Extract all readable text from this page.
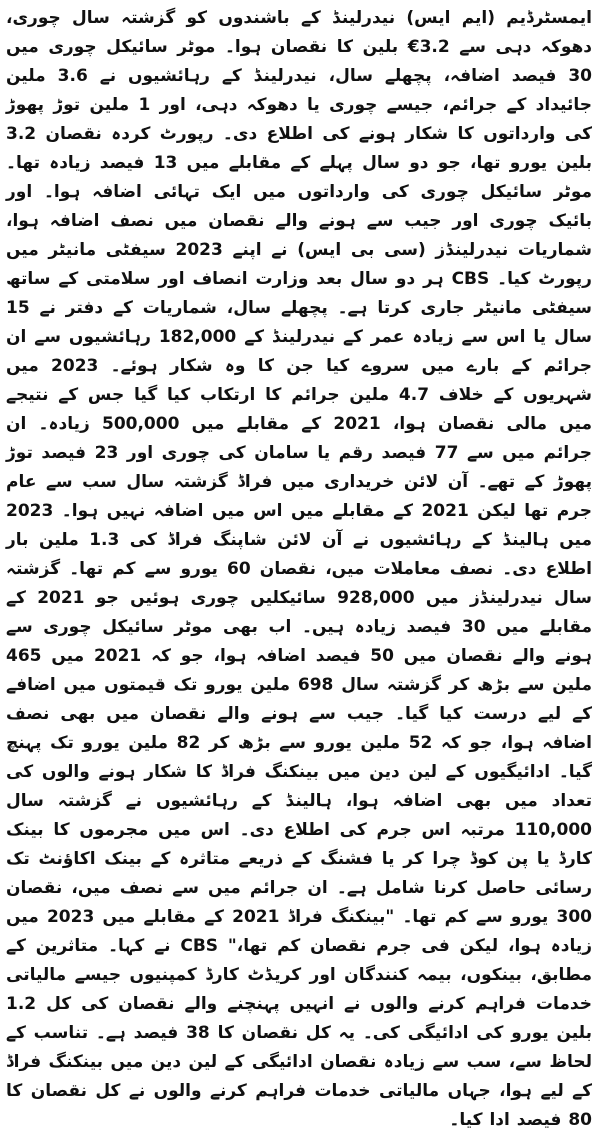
ایمسٹرڈیم (ایم ایس) نیدرلینڈ کے باشندوں کو گزشتہ سال چوری، دھوکہ دہی سے 3.2€ بلین کا نقصان ہوا۔ موٹر سائیکل چوری میں 30 فیصد اضافہ، پچھلے سال، نیدرلینڈ کے رہائشیوں نے 3.6 ملین جائیداد کے جرائم، جیسے چوری یا دھوکہ دہی، اور 1 ملین توڑ پھوڑ کی وارداتوں کا شکار ہونے کی اطلاع دی۔ رپورٹ کردہ نقصان 3.2 بلین یورو تھا، جو دو سال پہلے کے مقابلے میں 13 فیصد زیادہ تھا۔ موٹر سائیکل چوری کی وارداتوں میں ایک تہائی اضافہ ہوا۔ اور بائیک چوری اور جیب سے ہونے والے نقصان میں نصف اضافہ ہوا، شماریات نیدرلینڈز (سی بی ایس) نے اپنے 2023 سیفٹی مانیٹر میں رپورٹ کیا۔ CBS ہر دو سال بعد وزارت انصاف اور سلامتی کے ساتھ سیفٹی مانیٹر جاری کرتا ہے۔ پچھلے سال، شماریات کے دفتر نے 15 سال یا اس سے زیادہ عمر کے نیدرلینڈ کے 182,000 رہائشیوں سے ان جرائم کے بارے میں سروے کیا جن کا وہ شکار ہوئے۔ 2023 میں شہریوں کے خلاف 4.7 ملین جرائم کا ارتکاب کیا گیا جس کے نتیجے میں مالی نقصان ہوا، 2021 کے مقابلے میں 500,000 زیادہ۔ ان جرائم میں سے 77 فیصد رقم یا سامان کی چوری اور 23 فیصد توڑ پھوڑ کے تھے۔ آن لائن خریداری میں فراڈ گزشتہ سال سب سے عام جرم تھا لیکن 2021 کے مقابلے میں اس میں اضافہ نہیں ہوا۔ 2023 میں ہالینڈ کے رہائشیوں نے آن لائن شاپنگ فراڈ کی 1.3 ملین بار اطلاع دی۔ نصف معاملات میں، نقصان 60 یورو سے کم تھا۔ گزشتہ سال نیدرلینڈز میں 928,000 سائیکلیں چوری ہوئیں جو 2021 کے مقابلے میں 30 فیصد زیادہ ہیں۔ اب بھی موٹر سائیکل چوری سے ہونے والے نقصان میں 50 فیصد اضافہ ہوا، جو کہ 2021 میں 465 ملین سے بڑھ کر گزشتہ سال 698 ملین یورو تک قیمتوں میں اضافے کے لیے درست کیا گیا۔ جیب سے ہونے والے نقصان میں بھی نصف اضافہ ہوا، جو کہ 52 ملین یورو سے بڑھ کر 82 ملین یورو تک پہنچ گیا۔ ادائیگیوں کے لین دین میں بینکنگ فراڈ کا شکار ہونے والوں کی تعداد میں بھی اضافہ ہوا، ہالینڈ کے رہائشیوں نے گزشتہ سال 110,000 مرتبہ اس جرم کی اطلاع دی۔ اس میں مجرموں کا بینک کارڈ یا پن کوڈ چرا کر یا فشنگ کے ذریعے متاثرہ کے بینک اکاؤنٹ تک رسائی حاصل کرنا شامل ہے۔ ان جرائم میں سے نصف میں، نقصان 300 یورو سے کم تھا۔ "بینکنگ فراڈ 2021 کے مقابلے میں 2023 میں زیادہ ہوا، لیکن فی جرم نقصان کم تھا،" CBS نے کہا۔ متاثرین کے مطابق، بینکوں، بیمہ کنندگان اور کریڈٹ کارڈ کمپنیوں جیسے مالیاتی خدمات فراہم کرنے والوں نے انہیں پہنچنے والے نقصان کی کل 1.2 بلین یورو کی ادائیگی کی۔ یہ کل نقصان کا 38 فیصد ہے۔ تناسب کے لحاظ سے، سب سے زیادہ نقصان ادائیگی کے لین دین میں بینکنگ فراڈ کے لیے ہوا، جہاں مالیاتی خدمات فراہم کرنے والوں نے کل نقصان کا 80 فیصد ادا کیا۔
